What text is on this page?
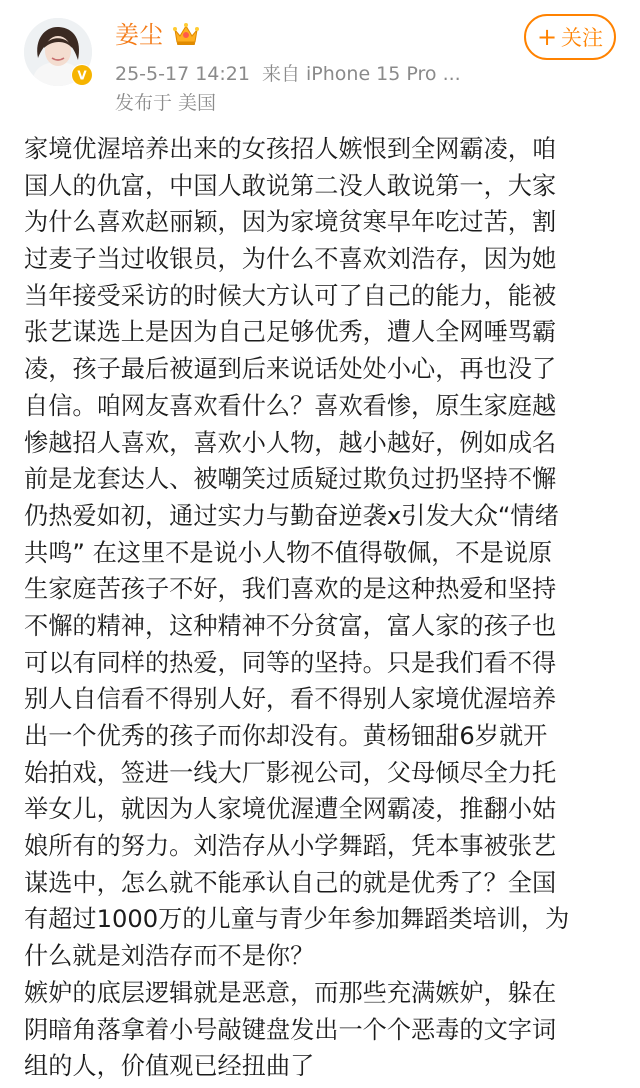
V
姜尘
25-5-17 14:21 来自 iPhone 15 Pro ...
发布于 美国
+ 关注
家境优渥培养出来的女孩招人嫉恨到全网霸凌，咱
国人的仇富，中国人敢说第二没人敢说第一，大家
为什么喜欢赵丽颖，因为家境贫寒早年吃过苦，割
过麦子当过收银员，为什么不喜欢刘浩存，因为她
当年接受采访的时候大方认可了自己的能力，能被
张艺谋选上是因为自己足够优秀，遭人全网唾骂霸
凌，孩子最后被逼到后来说话处处小心，再也没了
自信。咱网友喜欢看什么？喜欢看惨，原生家庭越
惨越招人喜欢，喜欢小人物，越小越好，例如成名
前是龙套达人、被嘲笑过质疑过欺负过扔坚持不懈
仍热爱如初，通过实力与勤奋逆袭x引发大众“情绪
共鸣” 在这里不是说小人物不值得敬佩，不是说原
生家庭苦孩子不好，我们喜欢的是这种热爱和坚持
不懈的精神，这种精神不分贫富，富人家的孩子也
可以有同样的热爱，同等的坚持。只是我们看不得
别人自信看不得别人好，看不得别人家境优渥培养
出一个优秀的孩子而你却没有。黄杨钿甜6岁就开
始拍戏，签进一线大厂影视公司，父母倾尽全力托
举女儿，就因为人家境优渥遭全网霸凌，推翻小姑
娘所有的努力。刘浩存从小学舞蹈，凭本事被张艺
谋选中，怎么就不能承认自己的就是优秀了？全国
有超过1000万的儿童与青少年参加舞蹈类培训，为
什么就是刘浩存而不是你？
嫉妒的底层逻辑就是恶意，而那些充满嫉妒，躲在
阴暗角落拿着小号敲键盘发出一个个恶毒的文字词
组的人，价值观已经扭曲了
